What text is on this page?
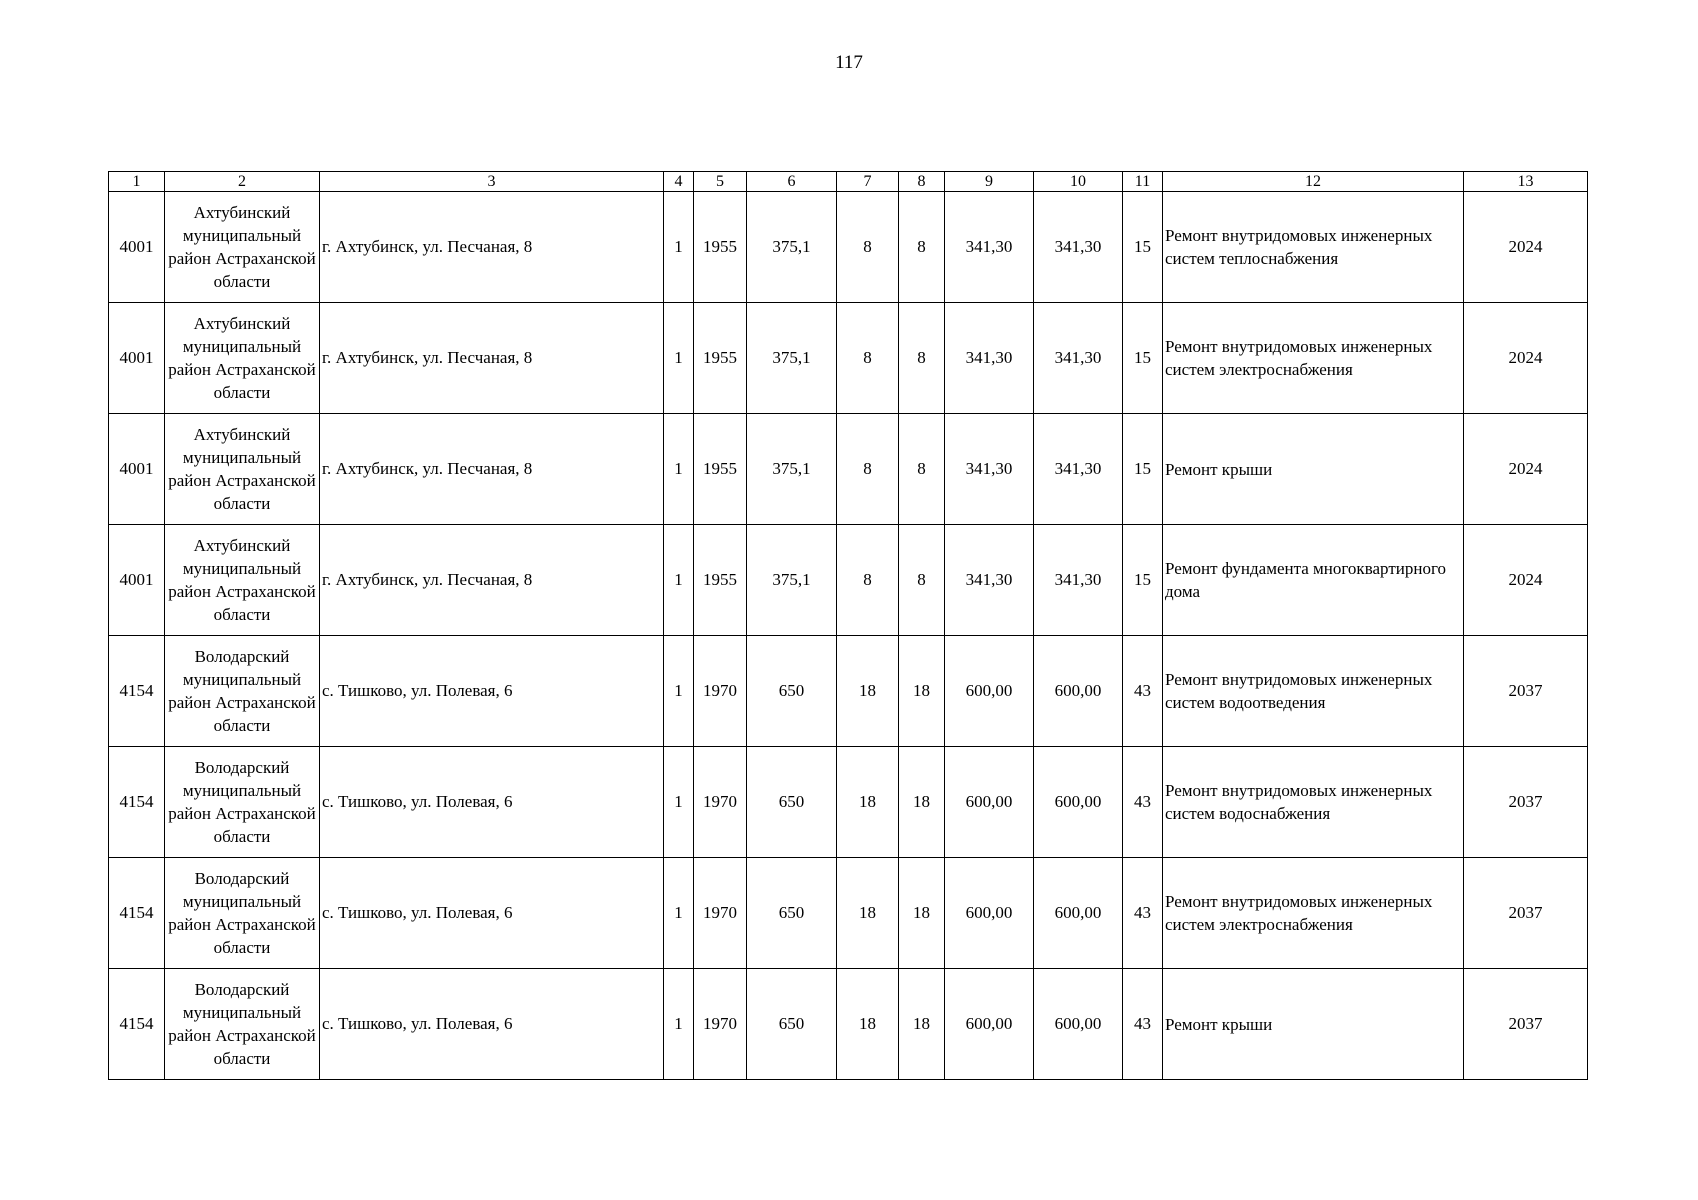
117
1	2	3	4	5	6	7	8	9	10	11	12	13
4001	Ахтубинский муниципальный район Астраханской области	г. Ахтубинск, ул. Песчаная, 8	1	1955	375,1	8	8	341,30	341,30	15	Ремонт внутридомовых инженерных систем теплоснабжения	2024
4001	Ахтубинский муниципальный район Астраханской области	г. Ахтубинск, ул. Песчаная, 8	1	1955	375,1	8	8	341,30	341,30	15	Ремонт внутридомовых инженерных систем электроснабжения	2024
4001	Ахтубинский муниципальный район Астраханской области	г. Ахтубинск, ул. Песчаная, 8	1	1955	375,1	8	8	341,30	341,30	15	Ремонт крыши	2024
4001	Ахтубинский муниципальный район Астраханской области	г. Ахтубинск, ул. Песчаная, 8	1	1955	375,1	8	8	341,30	341,30	15	Ремонт фундамента многоквартирного дома	2024
4154	Володарский муниципальный район Астраханской области	с. Тишково, ул. Полевая, 6	1	1970	650	18	18	600,00	600,00	43	Ремонт внутридомовых инженерных систем водоотведения	2037
4154	Володарский муниципальный район Астраханской области	с. Тишково, ул. Полевая, 6	1	1970	650	18	18	600,00	600,00	43	Ремонт внутридомовых инженерных систем водоснабжения	2037
4154	Володарский муниципальный район Астраханской области	с. Тишково, ул. Полевая, 6	1	1970	650	18	18	600,00	600,00	43	Ремонт внутридомовых инженерных систем электроснабжения	2037
4154	Володарский муниципальный район Астраханской области	с. Тишково, ул. Полевая, 6	1	1970	650	18	18	600,00	600,00	43	Ремонт крыши	2037
